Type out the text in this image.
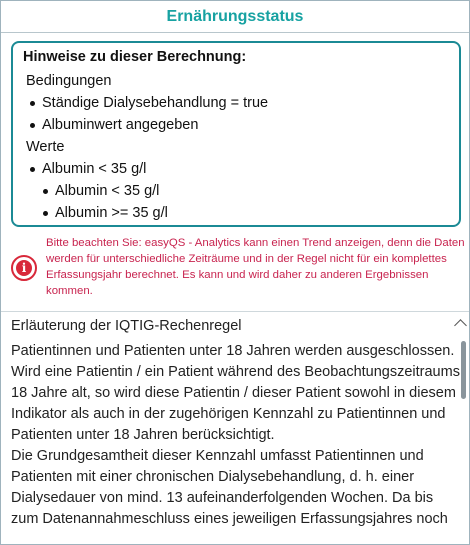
Ernährungsstatus
Hinweise zu dieser Berechnung:
Bedingungen
Ständige Dialysebehandlung = true
Albuminwert angegeben
Werte
Albumin < 35 g/l
Albumin < 35 g/l
Albumin >= 35 g/l
i
Bitte beachten Sie: easyQS - Analytics kann einen Trend anzeigen, denn die Daten werden für unterschiedliche Zeiträume und in der Regel nicht für ein komplettes Erfassungsjahr berechnet. Es kann und wird daher zu anderen Ergebnissen kommen.
Erläuterung der IQTIG-Rechenregel

Patientinnen und Patienten unter 18 Jahren werden ausgeschlossen. Wird eine Patientin / ein Patient während des Beobachtungszeitraums 18 Jahre alt, so wird diese Patientin / dieser Patient sowohl in diesem Indikator als auch in der zugehörigen Kennzahl zu Patientinnen und Patienten unter 18 Jahren berücksichtigt.

Die Grundgesamtheit dieser Kennzahl umfasst Patientinnen und Patienten mit einer chronischen Dialysebehandlung, d. h. einer Dialysedauer von mind. 13 aufeinanderfolgenden Wochen. Da bis zum Datenannahmeschluss eines jeweiligen Erfassungsjahres noch
